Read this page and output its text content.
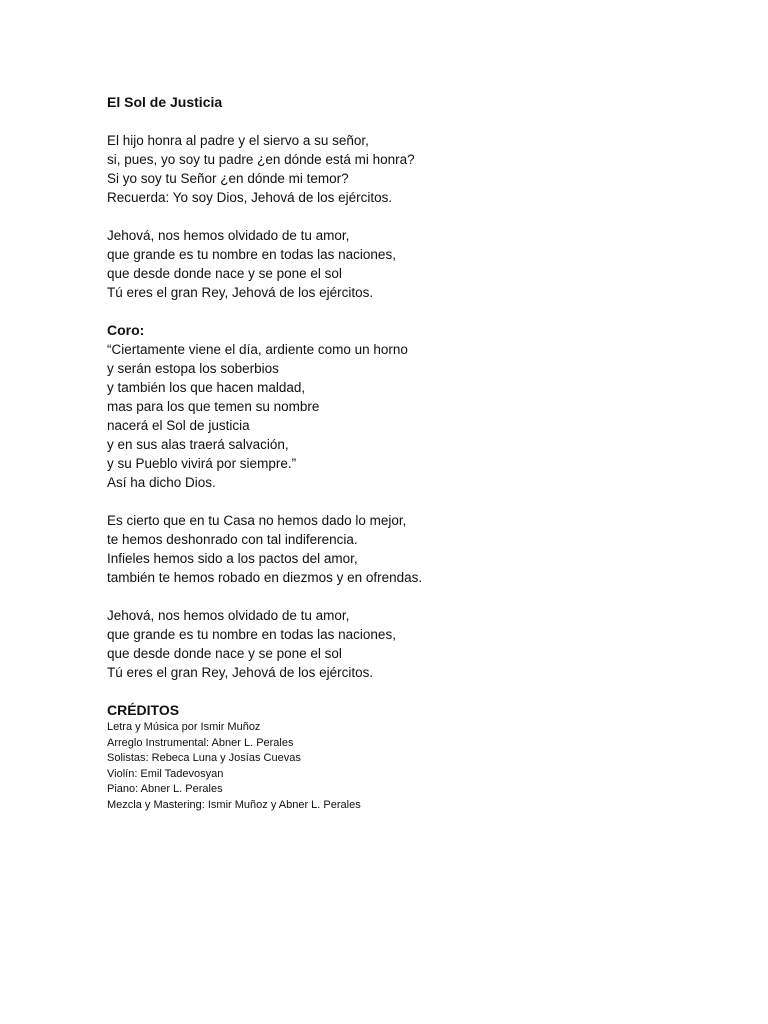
El Sol de Justicia
El hijo honra al padre y el siervo a su señor,
si, pues, yo soy tu padre ¿en dónde está mi honra?
Si yo soy tu Señor ¿en dónde mi temor?
Recuerda: Yo soy Dios, Jehová de los ejércitos.
Jehová, nos hemos olvidado de tu amor,
que grande es tu nombre en todas las naciones,
que desde donde nace y se pone el sol
Tú eres el gran Rey, Jehová de los ejércitos.
Coro:
“Ciertamente viene el día, ardiente como un horno
y serán estopa los soberbios
y también los que hacen maldad,
mas para los que temen su nombre
nacerá el Sol de justicia
y en sus alas traerá salvación,
y su Pueblo vivirá por siempre.”
Así ha dicho Dios.
Es cierto que en tu Casa no hemos dado lo mejor,
te hemos deshonrado con tal indiferencia.
Infieles hemos sido a los pactos del amor,
también te hemos robado en diezmos y en ofrendas.
Jehová, nos hemos olvidado de tu amor,
que grande es tu nombre en todas las naciones,
que desde donde nace y se pone el sol
Tú eres el gran Rey, Jehová de los ejércitos.
CRÉDITOS
Letra y Música por Ismir Muñoz
Arreglo Instrumental: Abner L. Perales
Solistas: Rebeca Luna y Josías Cuevas
Violín: Emil Tadevosyan
Piano: Abner L. Perales
Mezcla y Mastering: Ismir Muñoz y Abner L. Perales
